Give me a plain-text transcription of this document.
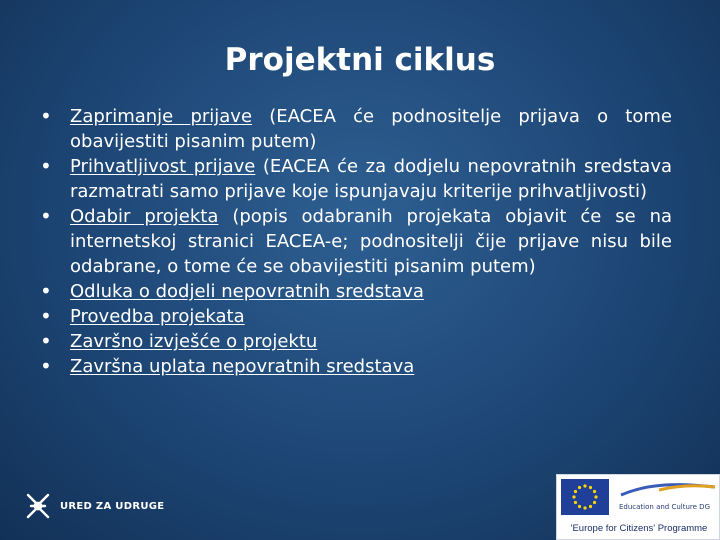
Projektni ciklus
• Zaprimanje prijave (EACEA će podnositelje prijava o tome obavijestiti pisanim putem)
• Prihvatljivost prijave (EACEA će za dodjelu nepovratnih sredstava razmatrati samo prijave koje ispunjavaju kriterije prihvatljivosti)
• Odabir projekta (popis odabranih projekata objavit će se na internetskoj stranici EACEA-e; podnositelji čije prijave nisu bile odabrane, o tome će se obavijestiti pisanim putem)
• Odluka o dodjeli nepovratnih sredstava
• Provedba projekata
• Završno izvješće o projektu
• Završna uplata nepovratnih sredstava
URED ZA UDRUGE	Education and Culture DG
'Europe for Citizens' Programme
